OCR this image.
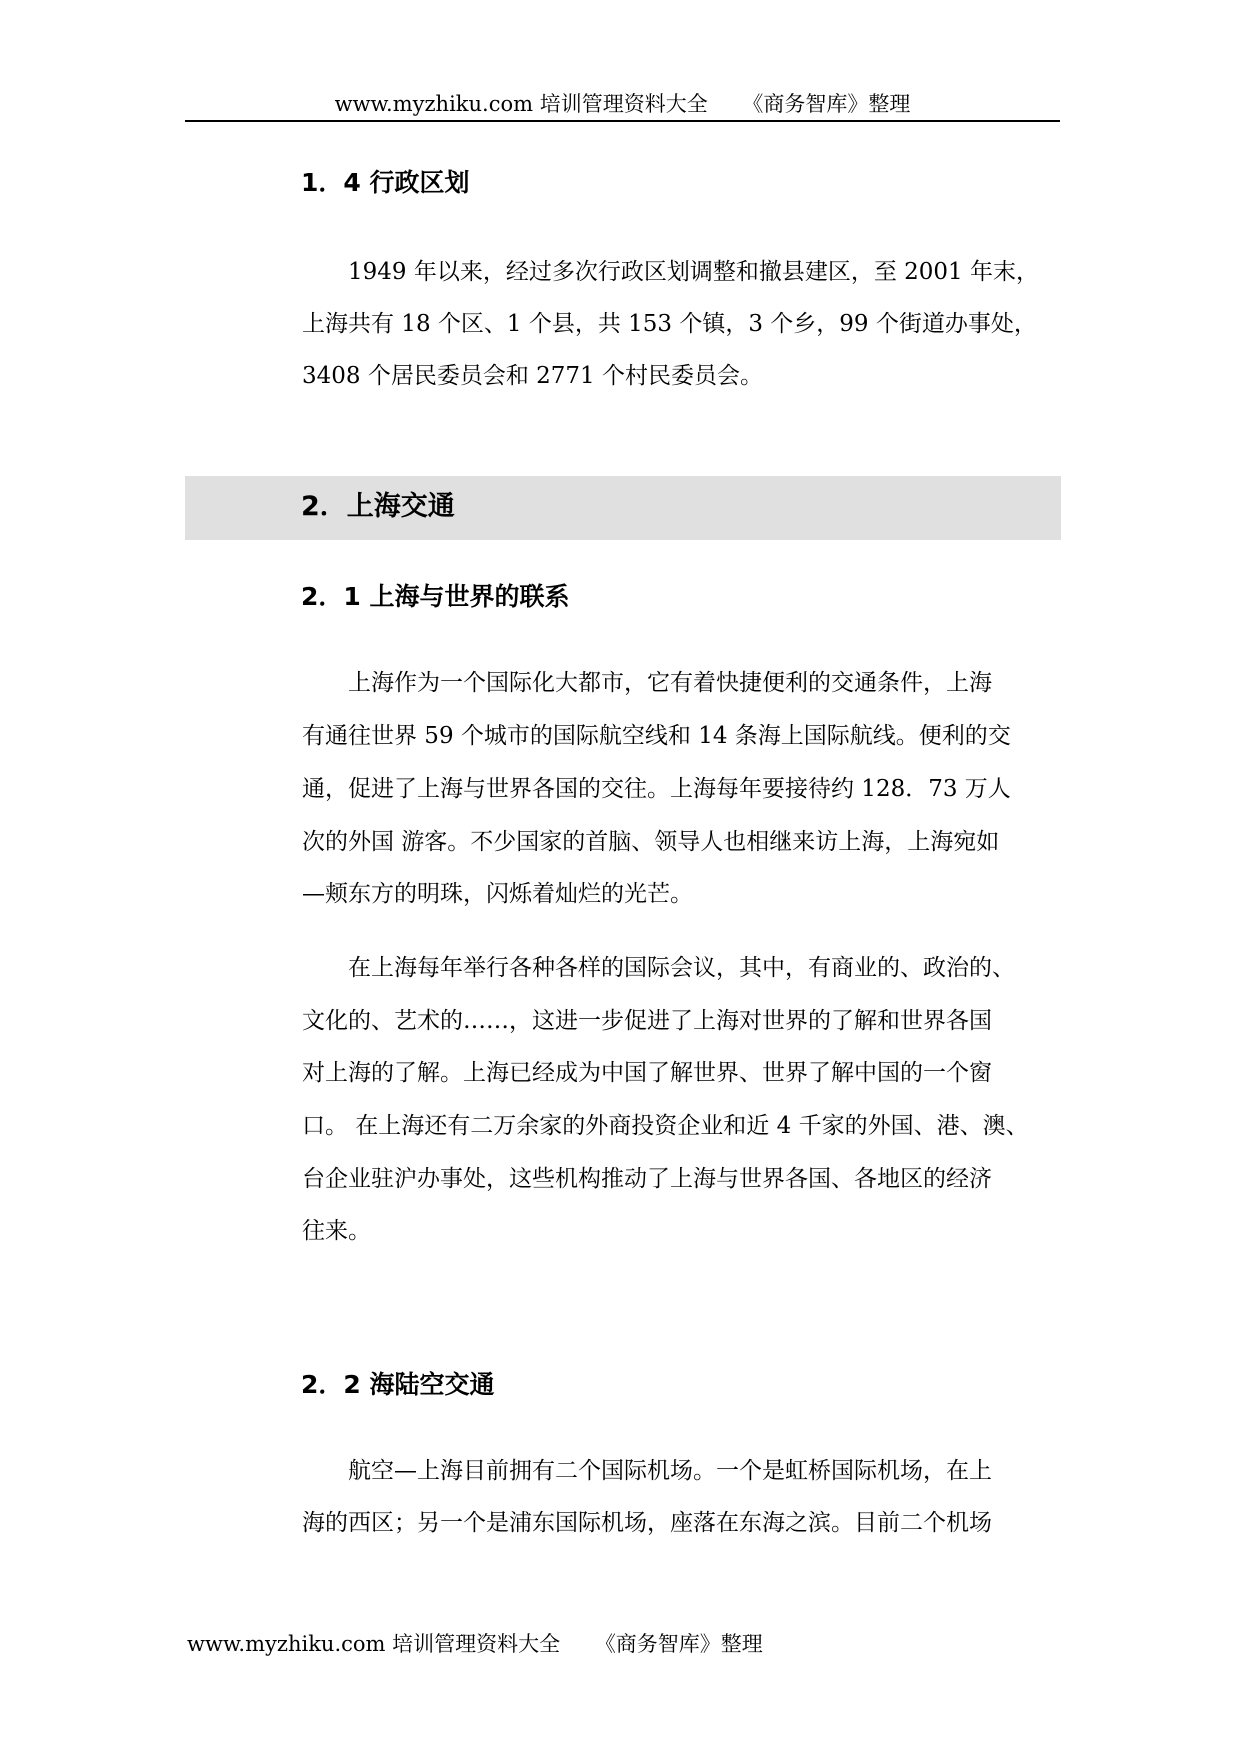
www.myzhiku.com 培训管理资料大全 《商务智库》整理
1．4 行政区划
　　1949 年以来，经过多次行政区划调整和撤县建区，至 2001 年末，
上海共有 18 个区、1 个县，共 153 个镇，3 个乡，99 个街道办事处，
3408 个居民委员会和 2771 个村民委员会。
2．上海交通
2．1 上海与世界的联系
　　上海作为一个国际化大都市，它有着快捷便利的交通条件，上海
有通往世界 59 个城市的国际航空线和 14 条海上国际航线。便利的交
通，促进了上海与世界各国的交往。上海每年要接待约 128．73 万人
次的外国 游客。不少国家的首脑、领导人也相继来访上海，上海宛如
—颊东方的明珠，闪烁着灿烂的光芒。
　　在上海每年举行各种各样的国际会议，其中，有商业的、政治的、
文化的、艺术的……，这进一步促进了上海对世界的了解和世界各国
对上海的了解。上海已经成为中国了解世界、世界了解中国的一个窗
口。 在上海还有二万余家的外商投资企业和近 4 千家的外国、港、澳、
台企业驻沪办事处，这些机构推动了上海与世界各国、各地区的经济
往来。
2．2 海陆空交通
　　航空—上海目前拥有二个国际机场。一个是虹桥国际机场，在上
海的西区；另一个是浦东国际机场，座落在东海之滨。目前二个机场
www.myzhiku.com 培训管理资料大全 《商务智库》整理
